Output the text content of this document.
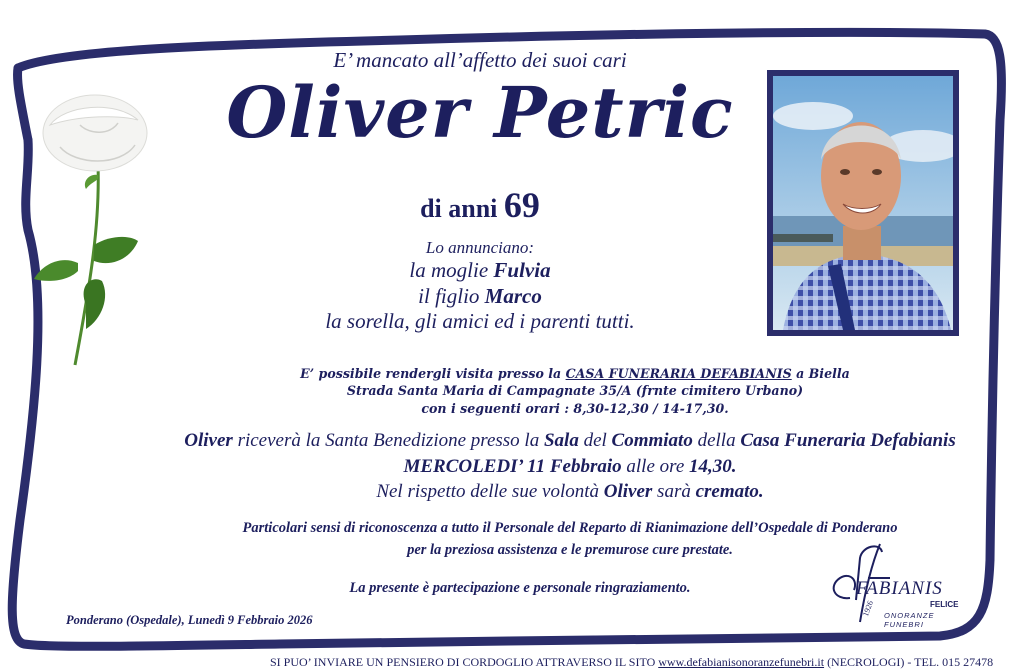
E’ mancato all’affetto dei suoi cari
Oliver Petric
di anni 69
Lo annunciano:
la moglie Fulvia
il figlio Marco
la sorella, gli amici ed i parenti tutti.
E’ possibile rendergli visita presso la CASA FUNERARIA DEFABIANIS a Biella
Strada Santa Maria di Campagnate 35/A (frnte cimitero Urbano)
con i seguenti orari : 8,30-12,30 / 14-17,30.
Oliver riceverà la Santa Benedizione presso la Sala del Commiato della Casa Funeraria Defabianis
MERCOLEDI’ 11 Febbraio alle ore 14,30.
Nel rispetto delle sue volontà Oliver sarà cremato.
Particolari sensi di riconoscenza a tutto il Personale del Reparto di Rianimazione dell’Ospedale di Ponderano
per la preziosa assistenza e le premurose cure prestate.
La presente è partecipazione e personale ringraziamento.
Ponderano (Ospedale), Lunedì 9 Febbraio 2026
FABIANIS
FELICE
ONORANZE FUNEBRI
1926
SI PUO’ INVIARE UN PENSIERO DI CORDOGLIO ATTRAVERSO IL SITO www.defabianisonoranzefunebri.it (NECROLOGI) - TEL. 015 27478
